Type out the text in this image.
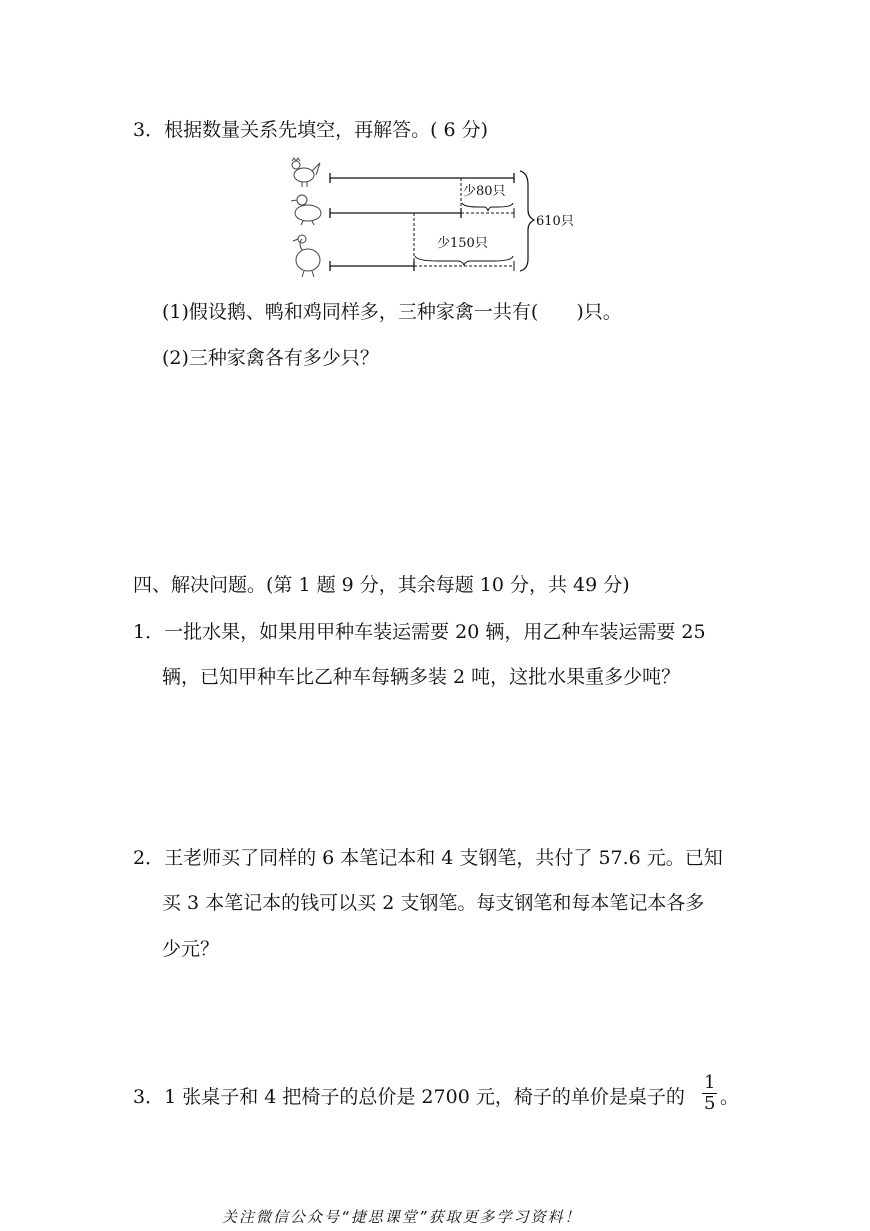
3．根据数量关系先填空，再解答。( 6 分)
少80只
少150只
610只
(1)假设鹅、鸭和鸡同样多，三种家禽一共有(　　)只。
(2)三种家禽各有多少只？
四、解决问题。(第 1 题 9 分，其余每题 10 分，共 49 分)
1．一批水果，如果用甲种车装运需要 20 辆，用乙种车装运需要 25
辆，已知甲种车比乙种车每辆多装 2 吨，这批水果重多少吨？
2．王老师买了同样的 6 本笔记本和 4 支钢笔，共付了 57.6 元。已知
买 3 本笔记本的钱可以买 2 支钢笔。每支钢笔和每本笔记本各多
少元？
3．1 张桌子和 4 把椅子的总价是 2700 元，椅子的单价是桌子的 $\frac{1}{5}$ 。
关注微信公众号“捷思课堂”获取更多学习资料！
